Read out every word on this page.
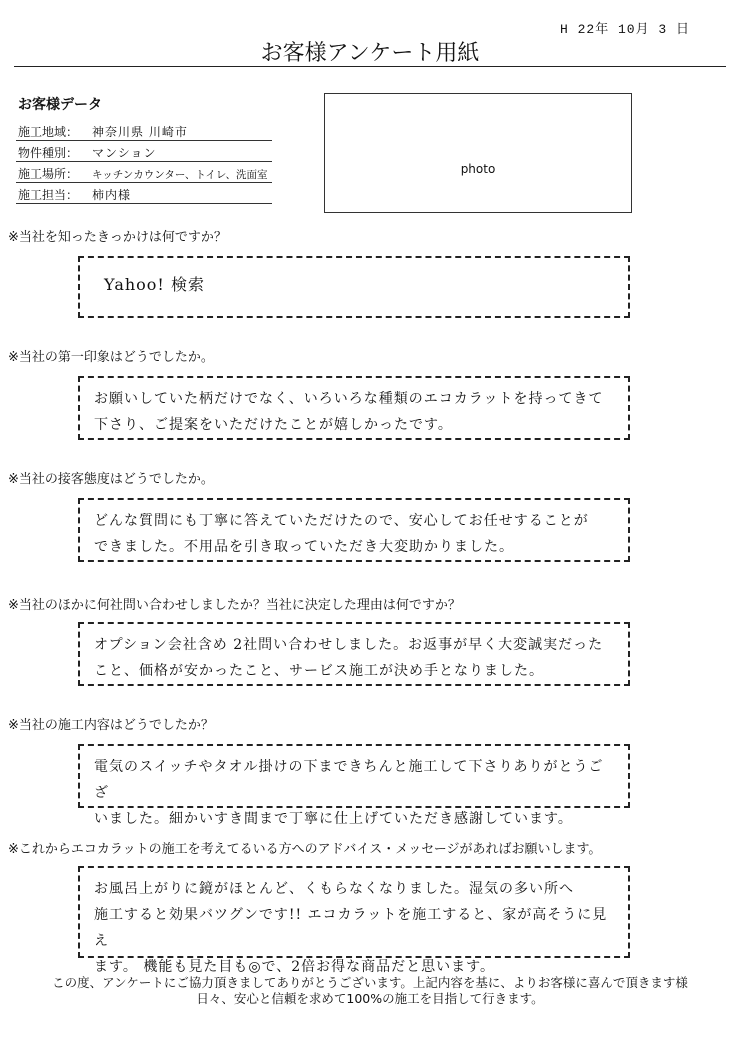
H 22年 10月 3 日
お客様アンケート用紙
お客様データ
施工地域：	神奈川県 川崎市
物件種別：	マンション
施工場所：	キッチンカウンター、トイレ、洗面室
施工担当：	柿内様
photo
※当社を知ったきっかけは何ですか？

Yahoo! 検索

※当社の第一印象はどうでしたか。

お願いしていた柄だけでなく、いろいろな種類のエコカラットを持ってきて

下さり、ご提案をいただけたことが嬉しかったです。

※当社の接客態度はどうでしたか。

どんな質問にも丁寧に答えていただけたので、安心してお任せすることが

できました。不用品を引き取っていただき大変助かりました。

※当社のほかに何社問い合わせしましたか？当社に決定した理由は何ですか？

オプション会社含め 2社問い合わせしました。お返事が早く大変誠実だった

こと、価格が安かったこと、サービス施工が決め手となりました。

※当社の施工内容はどうでしたか？

電気のスイッチやタオル掛けの下まできちんと施工して下さりありがとうござ

いました。細かいすき間まで丁寧に仕上げていただき感謝しています。

※これからエコカラットの施工を考えてるいる方へのアドバイス・メッセージがあればお願いします。

お風呂上がりに鏡がほとんど、くもらなくなりました。湿気の多い所へ

施工すると効果バツグンです!! エコカラットを施工すると、家が高そうに見え

ます。 機能も見た目も◎で、2倍お得な商品だと思います。

この度、アンケートにご協力頂きましてありがとうございます。上記内容を基に、よりお客様に喜んで頂きます様
日々、安心と信頼を求めて100%の施工を目指して行きます。
